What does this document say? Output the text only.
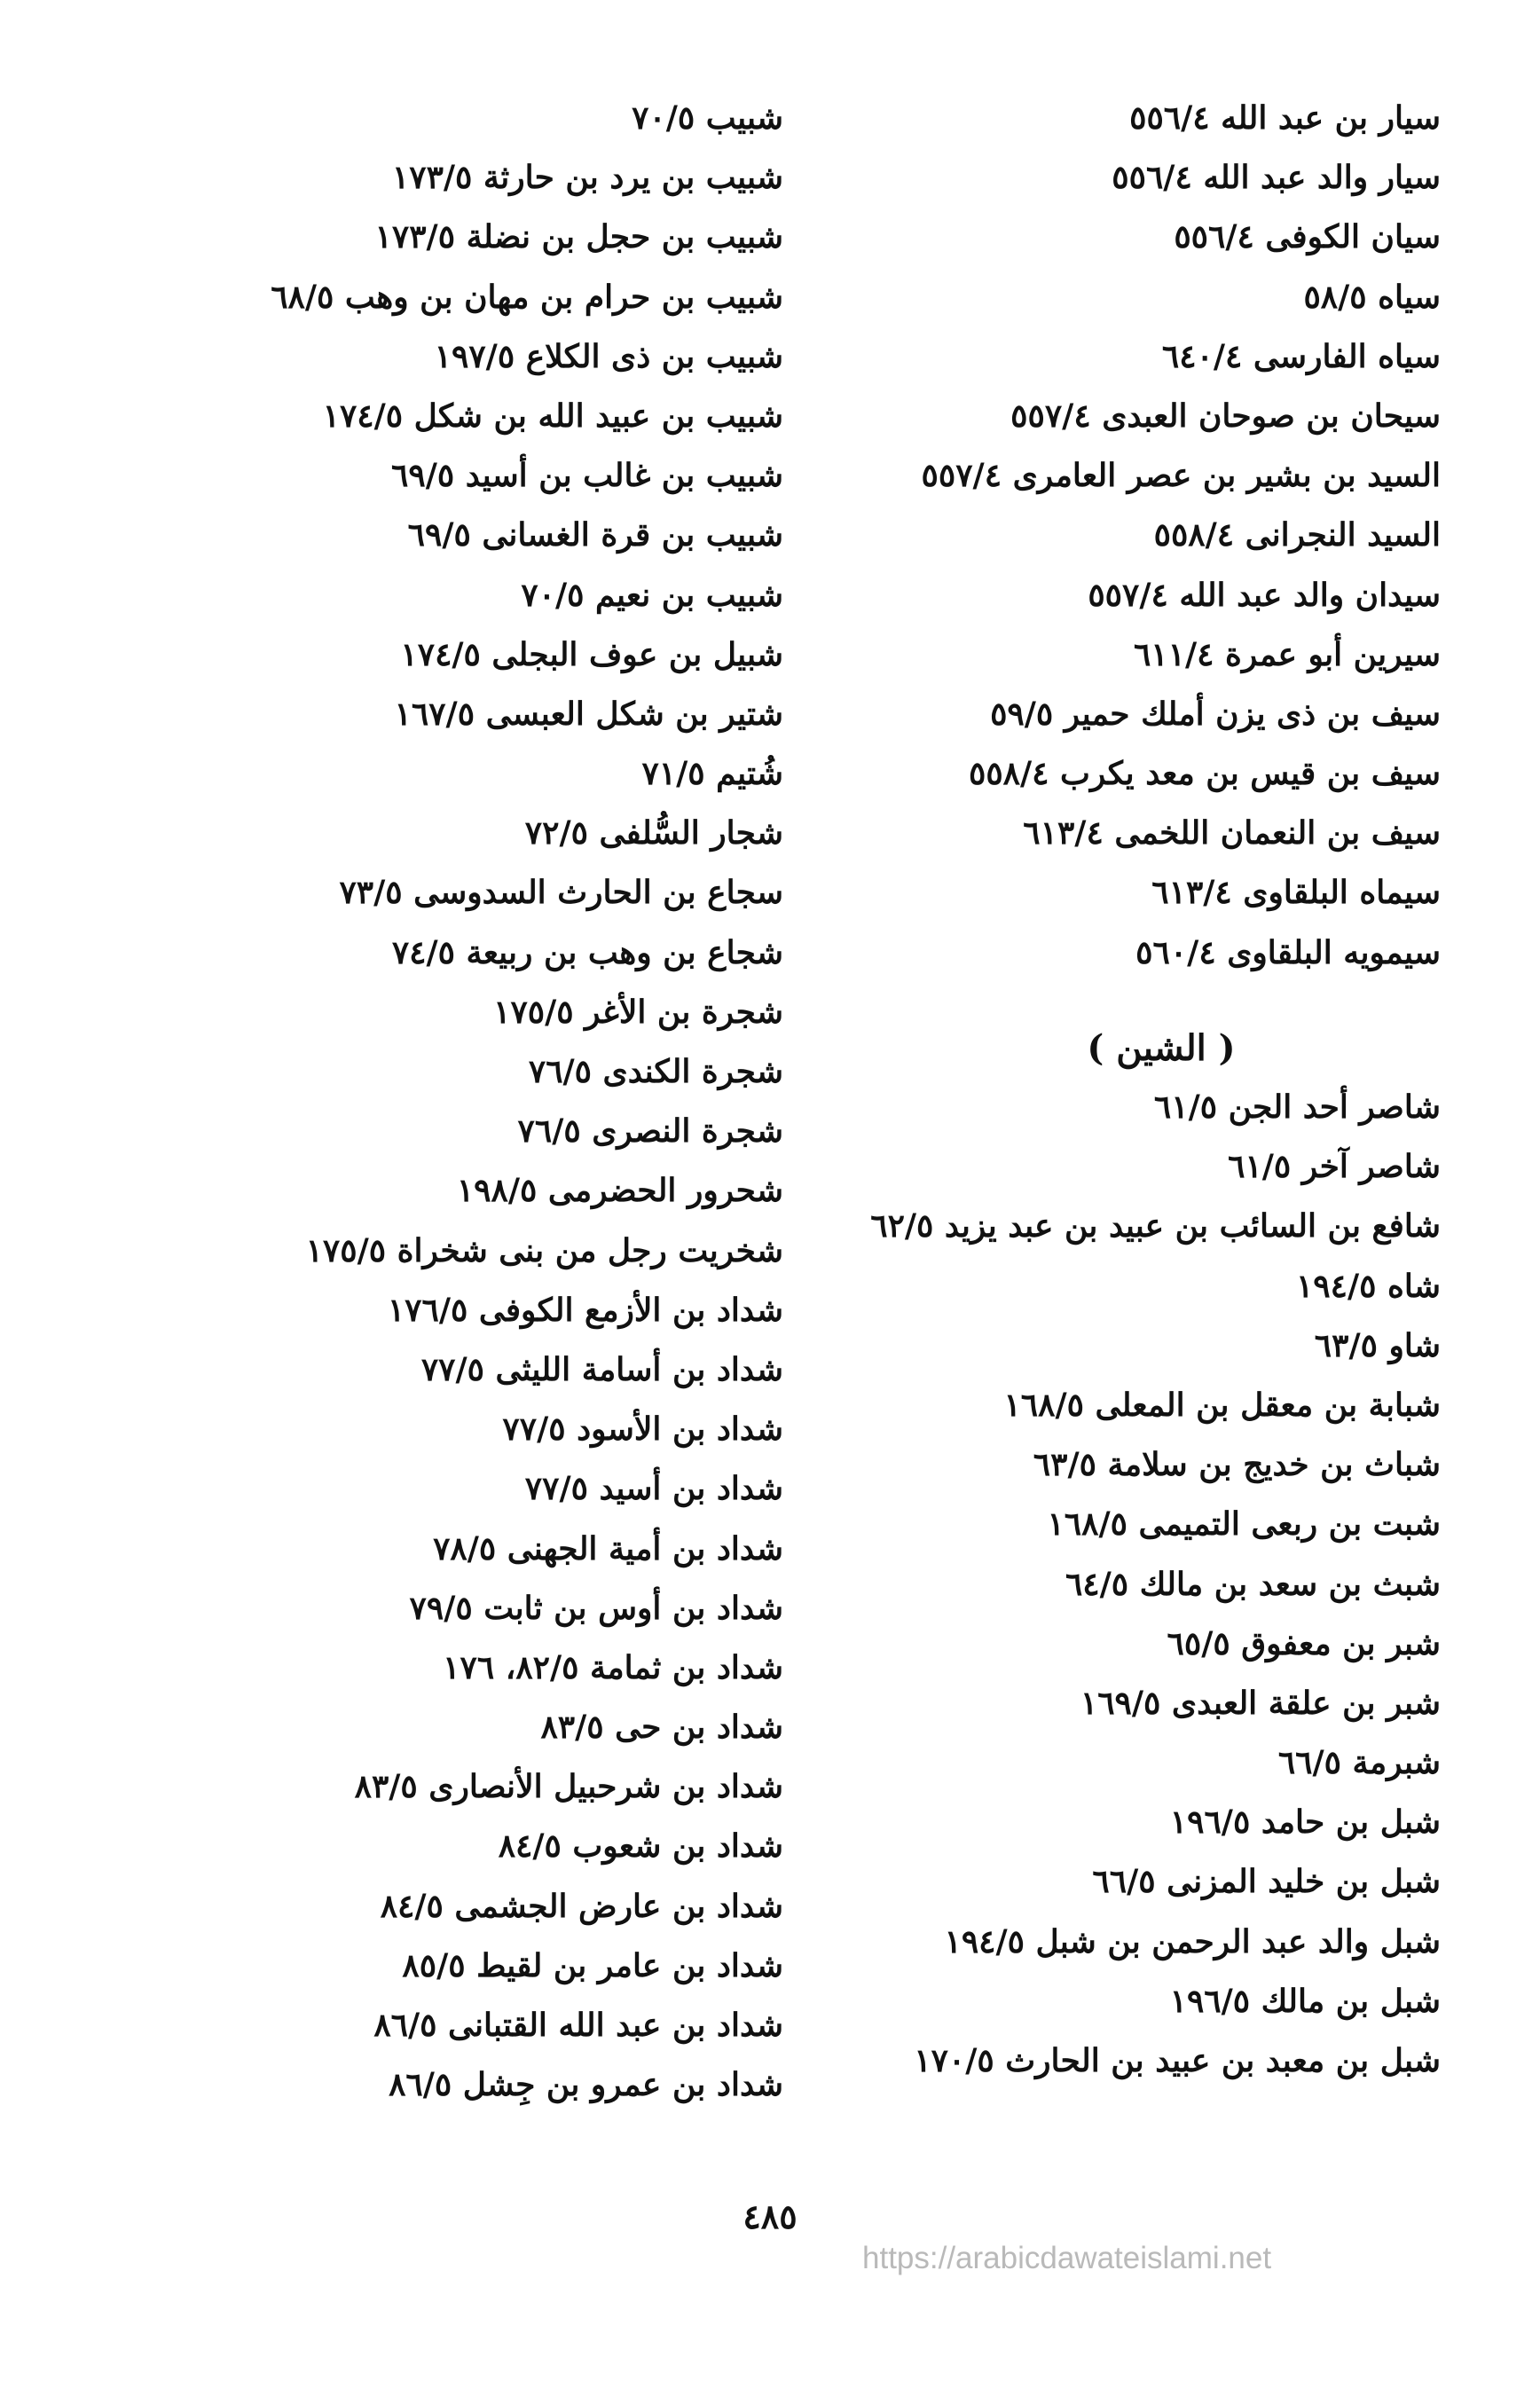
سيار بن عبد الله ٥٥٦/٤
سيار والد عبد الله ٥٥٦/٤
سيان الكوفى ٥٥٦/٤
سياه ٥٨/٥
سياه الفارسى ٦٤٠/٤
سيحان بن صوحان العبدى ٥٥٧/٤
السيد بن بشير بن عصر العامرى ٥٥٧/٤
السيد النجرانى ٥٥٨/٤
سيدان والد عبد الله ٥٥٧/٤
سيرين أبو عمرة ٦١١/٤
سيف بن ذى يزن أملك حمير ٥٩/٥
سيف بن قيس بن معد يكرب ٥٥٨/٤
سيف بن النعمان اللخمى ٦١٣/٤
سيماه البلقاوى ٦١٣/٤
سيمويه البلقاوى ٥٦٠/٤
( الشين )
شاصر أحد الجن ٦١/٥
شاصر آخر ٦١/٥
شافع بن السائب بن عبيد بن عبد يزيد ٦٢/٥
شاه ١٩٤/٥
شاو ٦٣/٥
شبابة بن معقل بن المعلى ١٦٨/٥
شباث بن خديج بن سلامة ٦٣/٥
شبت بن ربعى التميمى ١٦٨/٥
شبث بن سعد بن مالك ٦٤/٥
شبر بن معفوق ٦٥/٥
شبر بن علقة العبدى ١٦٩/٥
شبرمة ٦٦/٥
شبل بن حامد ١٩٦/٥
شبل بن خليد المزنى ٦٦/٥
شبل والد عبد الرحمن بن شبل ١٩٤/٥
شبل بن مالك ١٩٦/٥
شبل بن معبد بن عبيد بن الحارث ١٧٠/٥
شبيب ٧٠/٥
شبيب بن يرد بن حارثة ١٧٣/٥
شبيب بن حجل بن نضلة ١٧٣/٥
شبيب بن حرام بن مهان بن وهب ٦٨/٥
شبيب بن ذى الكلاع ١٩٧/٥
شبيب بن عبيد الله بن شكل ١٧٤/٥
شبيب بن غالب بن أسيد ٦٩/٥
شبيب بن قرة الغسانى ٦٩/٥
شبيب بن نعيم ٧٠/٥
شبيل بن عوف البجلى ١٧٤/٥
شتير بن شكل العبسى ١٦٧/٥
شُتيم ٧١/٥
شجار السُّلفى ٧٢/٥
سجاع بن الحارث السدوسى ٧٣/٥
شجاع بن وهب بن ربيعة ٧٤/٥
شجرة بن الأغر ١٧٥/٥
شجرة الكندى ٧٦/٥
شجرة النصرى ٧٦/٥
شحرور الحضرمى ١٩٨/٥
شخريت رجل من بنى شخراة ١٧٥/٥
شداد بن الأزمع الكوفى ١٧٦/٥
شداد بن أسامة الليثى ٧٧/٥
شداد بن الأسود ٧٧/٥
شداد بن أسيد ٧٧/٥
شداد بن أمية الجهنى ٧٨/٥
شداد بن أوس بن ثابت ٧٩/٥
شداد بن ثمامة ٨٢/٥، ١٧٦
شداد بن حى ٨٣/٥
شداد بن شرحبيل الأنصارى ٨٣/٥
شداد بن شعوب ٨٤/٥
شداد بن عارض الجشمى ٨٤/٥
شداد بن عامر بن لقيط ٨٥/٥
شداد بن عبد الله القتبانى ٨٦/٥
شداد بن عمرو بن جِشل ٨٦/٥
٤٨٥
https://arabicdawateislami.net
